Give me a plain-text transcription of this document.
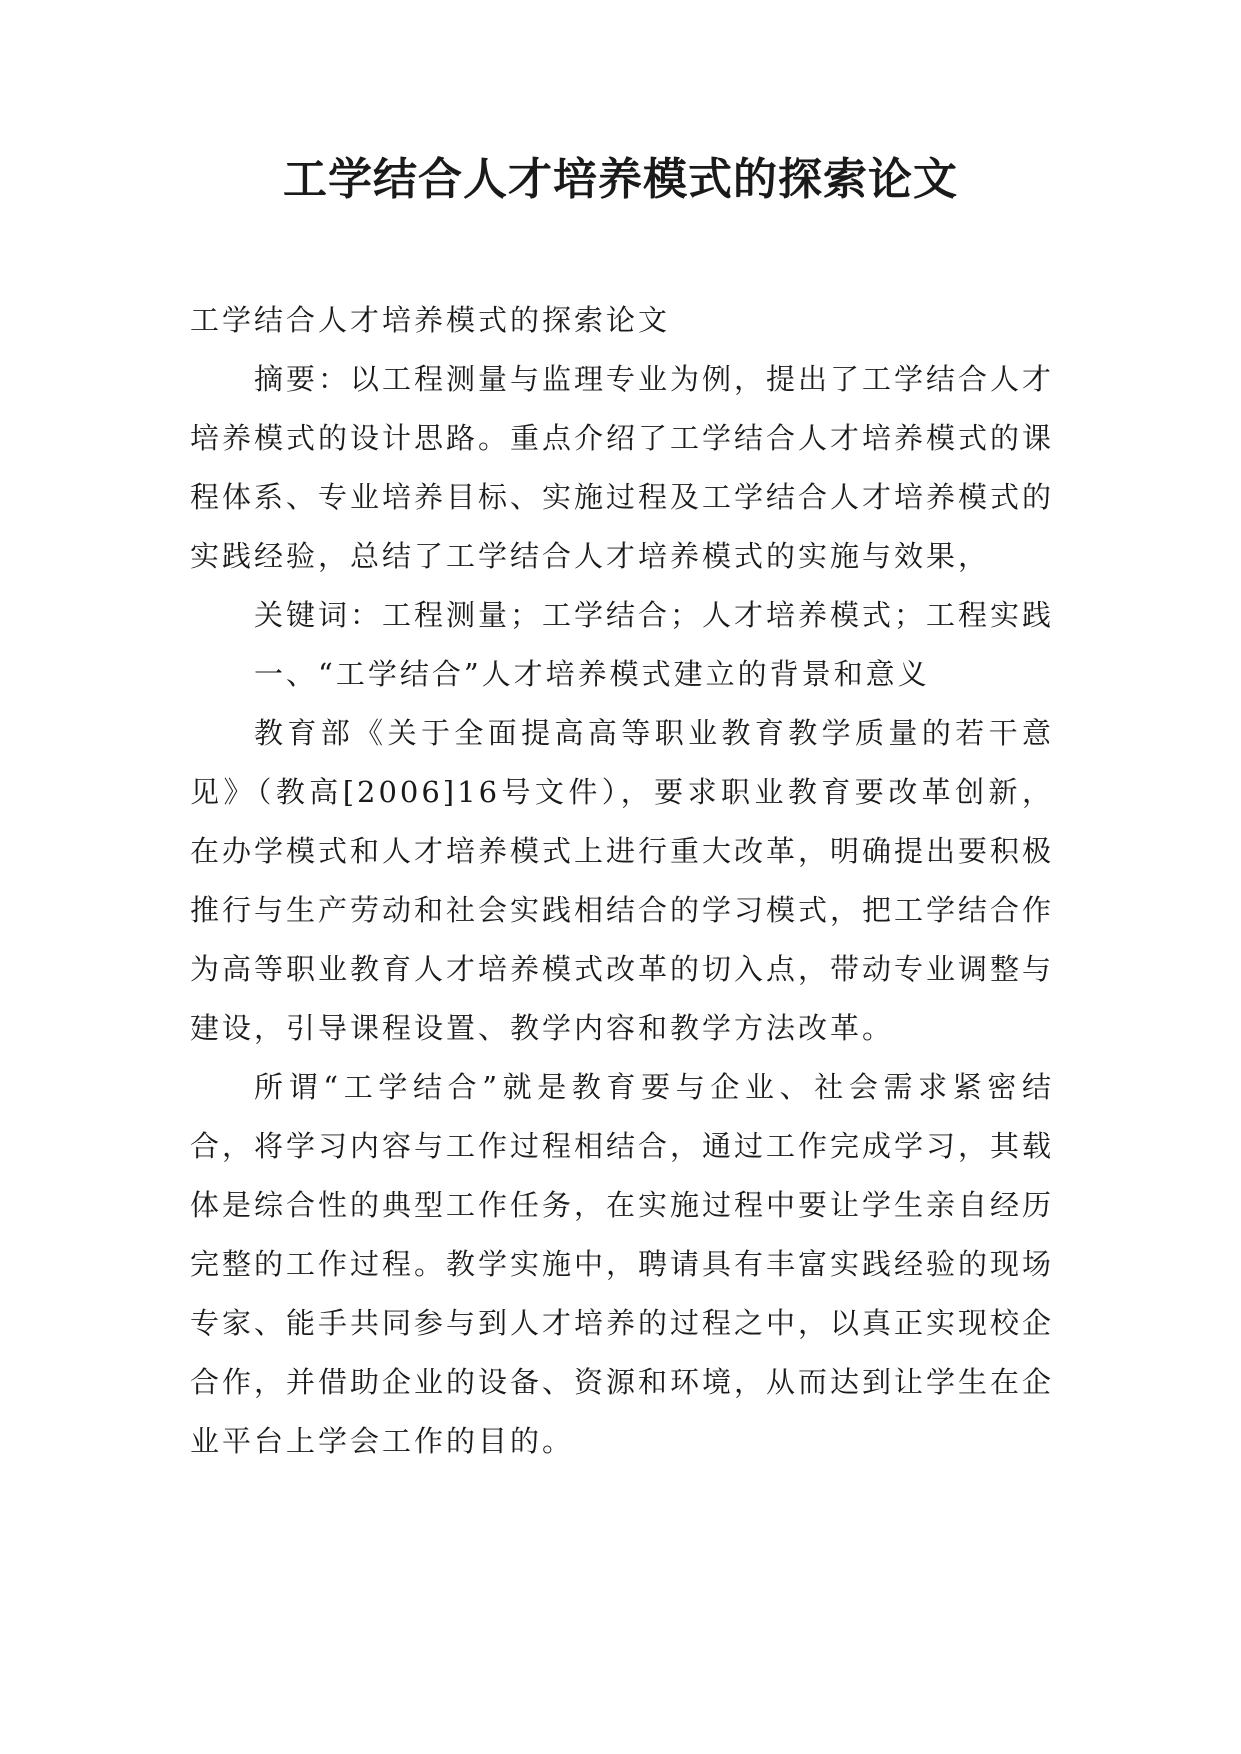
工学结合人才培养模式的探索论文

工学结合人才培养模式的探索论文

摘要：以工程测量与监理专业为例，提出了工学结合人才培养模式的设计思路。重点介绍了工学结合人才培养模式的课程体系、专业培养目标、实施过程及工学结合人才培养模式的实践经验，总结了工学结合人才培养模式的实施与效果，

关键词：工程测量；工学结合；人才培养模式；工程实践

一、“工学结合”人才培养模式建立的背景和意义

教育部《关于全面提高高等职业教育教学质量的若干意见》（教高[2006]16号文件），要求职业教育要改革创新，在办学模式和人才培养模式上进行重大改革，明确提出要积极推行与生产劳动和社会实践相结合的学习模式，把工学结合作为高等职业教育人才培养模式改革的切入点，带动专业调整与建设，引导课程设置、教学内容和教学方法改革。

所谓“工学结合”就是教育要与企业、社会需求紧密结合，将学习内容与工作过程相结合，通过工作完成学习，其载体是综合性的典型工作任务，在实施过程中要让学生亲自经历完整的工作过程。教学实施中，聘请具有丰富实践经验的现场专家、能手共同参与到人才培养的过程之中，以真正实现校企合作，并借助企业的设备、资源和环境，从而达到让学生在企业平台上学会工作的目的。
